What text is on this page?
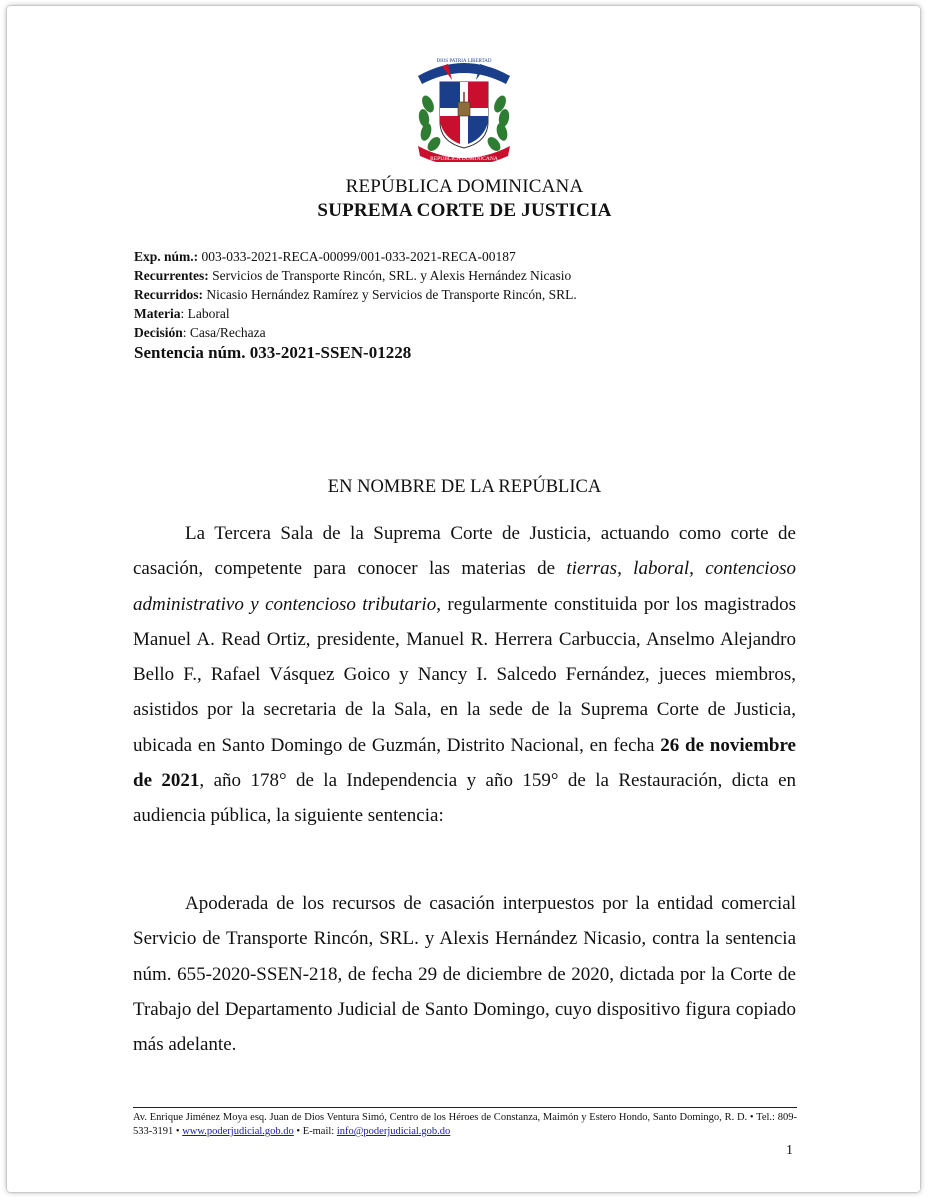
DIOS PATRIA LIBERTAD
REPÚBLICA DOMINICANA
REPÚBLICA DOMINICANA
SUPREMA CORTE DE JUSTICIA
Exp. núm.: 003-033-2021-RECA-00099/001-033-2021-RECA-00187
Recurrentes: Servicios de Transporte Rincón, SRL. y Alexis Hernández Nicasio
Recurridos: Nicasio Hernández Ramírez y Servicios de Transporte Rincón, SRL.
Materia: Laboral
Decisión: Casa/Rechaza
Sentencia núm. 033-2021-SSEN-01228
EN NOMBRE DE LA REPÚBLICA

La Tercera Sala de la Suprema Corte de Justicia, actuando como corte de casación, competente para conocer las materias de tierras, laboral, contencioso administrativo y contencioso tributario, regularmente constituida por los magistrados Manuel A. Read Ortiz, presidente, Manuel R. Herrera Carbuccia, Anselmo Alejandro Bello F., Rafael Vásquez Goico y Nancy I. Salcedo Fernández, jueces miembros, asistidos por la secretaria de la Sala, en la sede de la Suprema Corte de Justicia, ubicada en Santo Domingo de Guzmán, Distrito Nacional, en fecha 26 de noviembre de 2021, año 178° de la Independencia y año 159° de la Restauración, dicta en audiencia pública, la siguiente sentencia:

Apoderada de los recursos de casación interpuestos por la entidad comercial Servicio de Transporte Rincón, SRL. y Alexis Hernández Nicasio, contra la sentencia núm. 655-2020-SSEN-218, de fecha 29 de diciembre de 2020, dictada por la Corte de Trabajo del Departamento Judicial de Santo Domingo, cuyo dispositivo figura copiado más adelante.

Av. Enrique Jiménez Moya esq. Juan de Dios Ventura Simó, Centro de los Héroes de Constanza, Maimón y Estero Hondo, Santo Domingo, R. D. • Tel.: 809-533-3191 • www.poderjudicial.gob.do • E-mail: info@poderjudicial.gob.do
1
